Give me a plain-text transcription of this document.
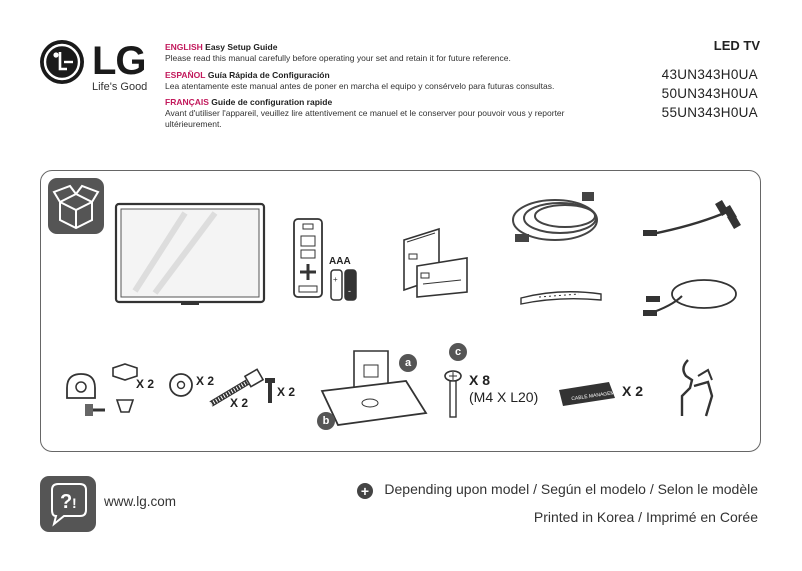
LG
Life's Good
ENGLISH Easy Setup Guide
Please read this manual carefully before operating your set and retain it for future reference.
ESPAÑOL Guía Rápida de Configuración
Lea atentamente este manual antes de poner en marcha el equipo y consérvelo para futuras consultas.
FRANÇAIS Guide de configuration rapide
Avant d'utiliser l'appareil, veuillez lire attentivement ce manuel et le conserver pour pouvoir vous y reporter
ultérieurement.
LED TV
43UN343H0UA
50UN343H0UA
55UN343H0UA
AAA
+
-
X 2	X 2
X 2
X 2
a
b
c
X 8
(M4 X L20)	CABLE MANAGEMENT
X 2
? ! www.lg.com
+ Depending upon model / Según el modelo / Selon le modèle
Printed in Korea / Imprimé en Corée
